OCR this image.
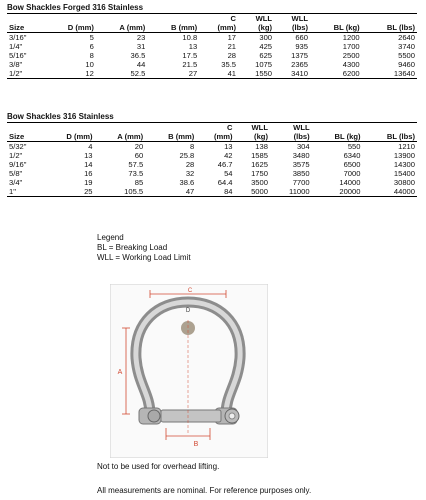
Bow Shackles Forged 316 Stainless
				C	WLL	WLL		
Size	D (mm)	A (mm)	B (mm)	(mm)	(kg)	(lbs)	BL (kg)	BL (lbs)
3/16"	5	23	10.8	17	300	660	1200	2640
1/4"	6	31	13	21	425	935	1700	3740
5/16"	8	36.5	17.5	28	625	1375	2500	5500
3/8"	10	44	21.5	35.5	1075	2365	4300	9460
1/2"	12	52.5	27	41	1550	3410	6200	13640
Bow Shackles 316 Stainless
				C	WLL	WLL		
Size	D (mm)	A (mm)	B (mm)	(mm)	(kg)	(lbs)	BL (kg)	BL (lbs)
5/32"	4	20	8	13	138	304	550	1210
1/2"	13	60	25.8	42	1585	3480	6340	13900
9/16"	14	57.5	28	46.7	1625	3575	6500	14300
5/8"	16	73.5	32	54	1750	3850	7000	15400
3/4"	19	85	38.6	64.4	3500	7700	14000	30800
1"	25	105.5	47	84	5000	11000	20000	44000
Legend
BL = Breaking Load
WLL = Working Load Limit
D
C
A
B
Not to be used for overhead lifting.
All measurements are nominal. For reference purposes only.
